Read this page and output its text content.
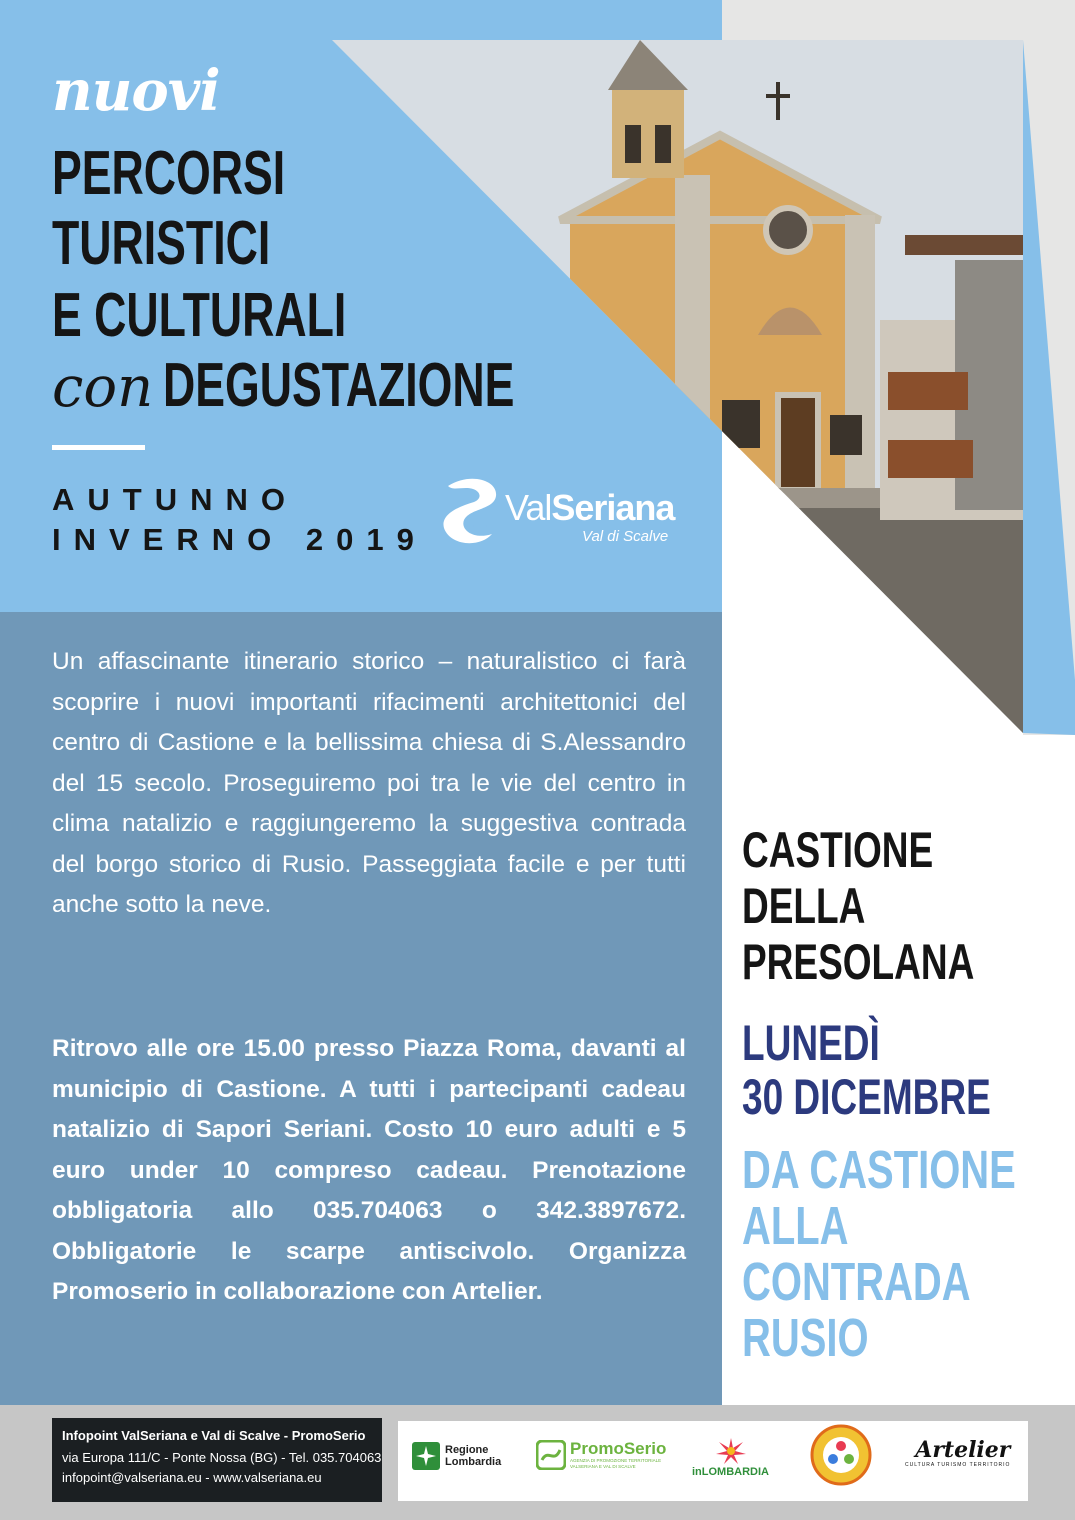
nuovi
PERCORSI
TURISTICI
E CULTURALI
con DEGUSTAZIONE
AUTUNNO
INVERNO 2019
ValSeriana
Val di Scalve
Un affascinante itinerario storico – naturalistico ci farà scoprire i nuovi importanti rifacimenti architettonici del centro di Castione e la bellissima chiesa di S.Alessandro del 15 secolo. Proseguiremo poi tra le vie del centro in clima natalizio e raggiungeremo la suggestiva contrada del borgo storico di Rusio. Passeggiata facile e per tutti anche sotto la neve.
Ritrovo alle ore 15.00 presso Piazza Roma, davanti al municipio di Castione. A tutti i partecipanti cadeau natalizio di Sapori Seriani. Costo 10 euro adulti e 5 euro under 10 compreso cadeau. Prenotazione obbligatoria allo 035.704063 o 342.3897672. Obbligatorie le scarpe antiscivolo. Organizza Promoserio in collaborazione con Artelier.
CASTIONE
DELLA
PRESOLANA
LUNEDÌ
30 DICEMBRE
DA CASTIONE
ALLA
CONTRADA
RUSIO
Infopoint ValSeriana e Val di Scalve - PromoSerio
via Europa 111/C - Ponte Nossa (BG) - Tel. 035.704063
infopoint@valseriana.eu - www.valseriana.eu
Regione
Lombardia
PromoSerio
AGENZIA DI PROMOZIONE TERRITORIALE VALSERIANA E VAL DI SCALVE	inLOMBARDIA
Artelier
CULTURA TURISMO TERRITORIO
